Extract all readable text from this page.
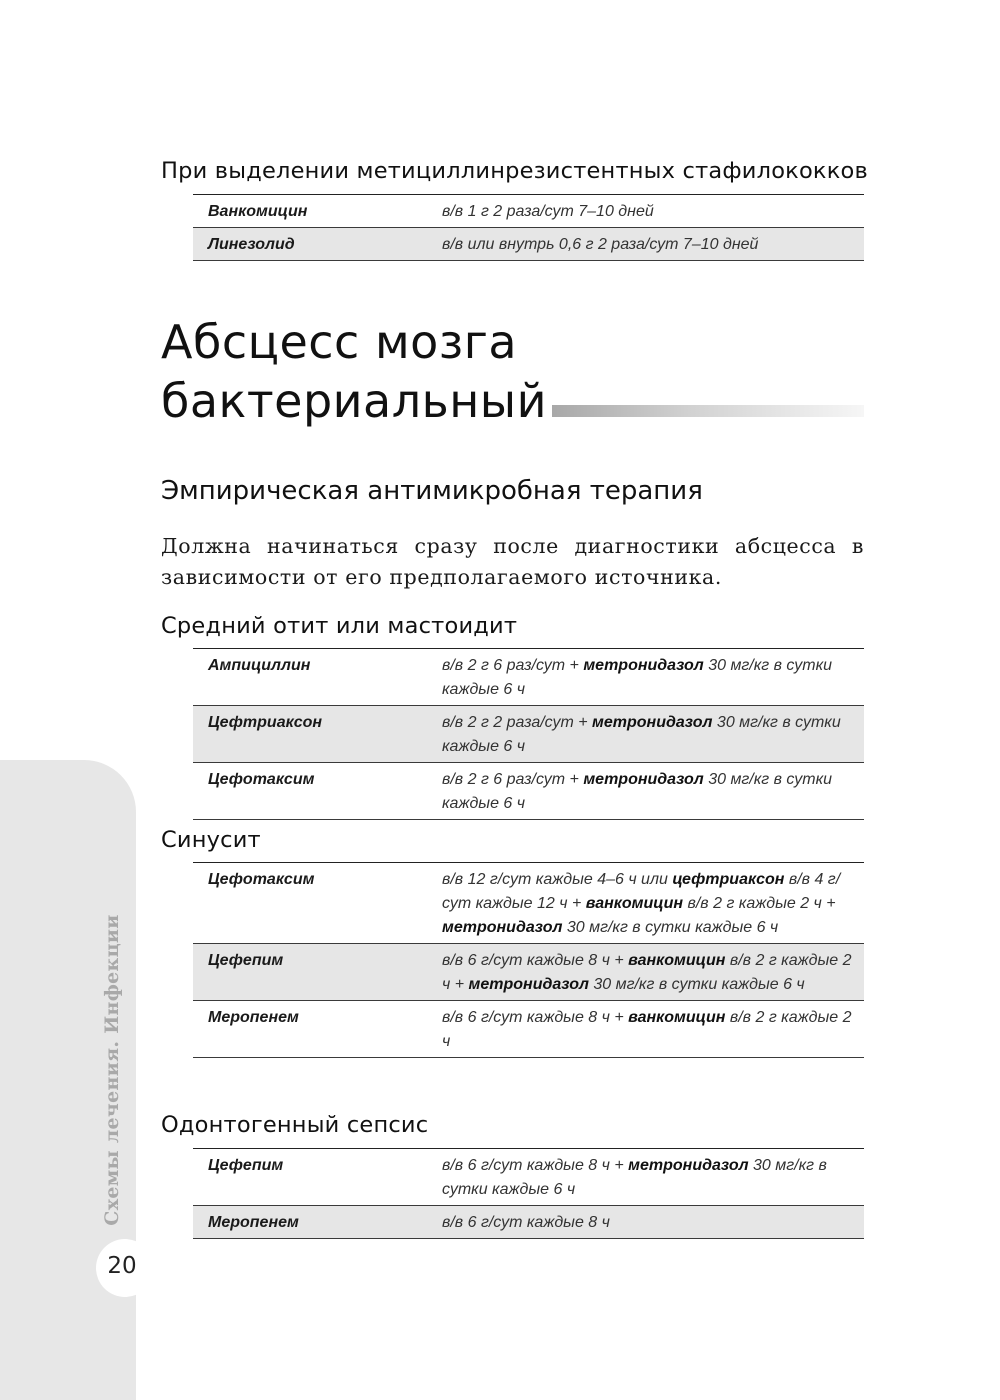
При выделении метициллинрезистентных стафилококков
Ванкомицин	в/в 1 г 2 раза/сут 7–10 дней
Линезолид	в/в или внутрь 0,6 г 2 раза/сут 7–10 дней
Абсцесс мозга
бактериальный
Эмпирическая антимикробная терапия

Должна начинаться сразу после диагностики абсцесса в зависимости от его предполагаемого источника.

Средний отит или мастоидит
Ампициллин	в/в 2 г 6 раз/сут + метронидазол 30 мг/кг в сутки каждые 6 ч
Цефтриаксон	в/в 2 г 2 раза/сут + метронидазол 30 мг/кг в сутки каждые 6 ч
Цефотаксим	в/в 2 г 6 раз/сут + метронидазол 30 мг/кг в сутки каждые 6 ч
Синусит
Цефотаксим	в/в 12 г/сут каждые 4–6 ч или цефтриаксон в/в 4 г/сут каждые 12 ч + ванкомицин в/в 2 г каждые 2 ч + метронидазол 30 мг/кг в сутки каждые 6 ч
Цефепим	в/в 6 г/сут каждые 8 ч + ванкомицин в/в 2 г каждые 2 ч + метронидазол 30 мг/кг в сутки каждые 6 ч
Меропенем	в/в 6 г/сут каждые 8 ч + ванкомицин в/в 2 г каждые 2 ч
Одонтогенный сепсис
Цефепим	в/в 6 г/сут каждые 8 ч + метронидазол 30 мг/кг в сутки каждые 6 ч
Меропенем	в/в 6 г/сут каждые 8 ч
Схемы лечения. Инфекции
20
